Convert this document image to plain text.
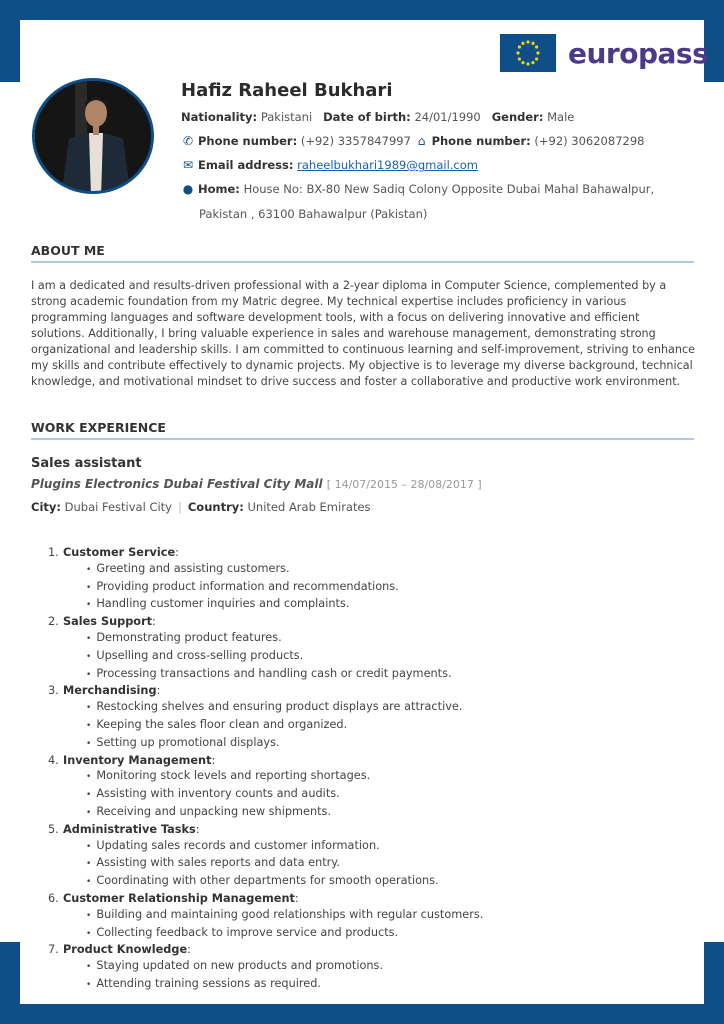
europass
Hafiz Raheel Bukhari
Nationality: Pakistani Date of birth: 24/01/1990 Gender: Male
✆ Phone number: (+92) 3357847997 ⌂ Phone number: (+92) 3062087298
✉ Email address: raheelbukhari1989@gmail.com
● Home: House No: BX-80 New Sadiq Colony Opposite Dubai Mahal Bahawalpur,
Pakistan , 63100 Bahawalpur (Pakistan)
ABOUT ME
I am a dedicated and results-driven professional with a 2-year diploma in Computer Science, complemented by a strong academic foundation from my Matric degree. My technical expertise includes proficiency in various programming languages and software development tools, with a focus on delivering innovative and efficient solutions. Additionally, I bring valuable experience in sales and warehouse management, demonstrating strong organizational and leadership skills. I am committed to continuous learning and self-improvement, striving to enhance my skills and contribute effectively to dynamic projects. My objective is to leverage my diverse background, technical knowledge, and motivational mindset to drive success and foster a collaborative and productive work environment.
WORK EXPERIENCE
Sales assistant
Plugins Electronics Dubai Festival City Mall [ 14/07/2015 – 28/08/2017 ]
City: Dubai Festival City | Country: United Arab Emirates
1. Customer Service:
• Greeting and assisting customers.
• Providing product information and recommendations.
• Handling customer inquiries and complaints.
2. Sales Support:
• Demonstrating product features.
• Upselling and cross-selling products.
• Processing transactions and handling cash or credit payments.
3. Merchandising:
• Restocking shelves and ensuring product displays are attractive.
• Keeping the sales floor clean and organized.
• Setting up promotional displays.
4. Inventory Management:
• Monitoring stock levels and reporting shortages.
• Assisting with inventory counts and audits.
• Receiving and unpacking new shipments.
5. Administrative Tasks:
• Updating sales records and customer information.
• Assisting with sales reports and data entry.
• Coordinating with other departments for smooth operations.
6. Customer Relationship Management:
• Building and maintaining good relationships with regular customers.
• Collecting feedback to improve service and products.
7. Product Knowledge:
• Staying updated on new products and promotions.
• Attending training sessions as required.
